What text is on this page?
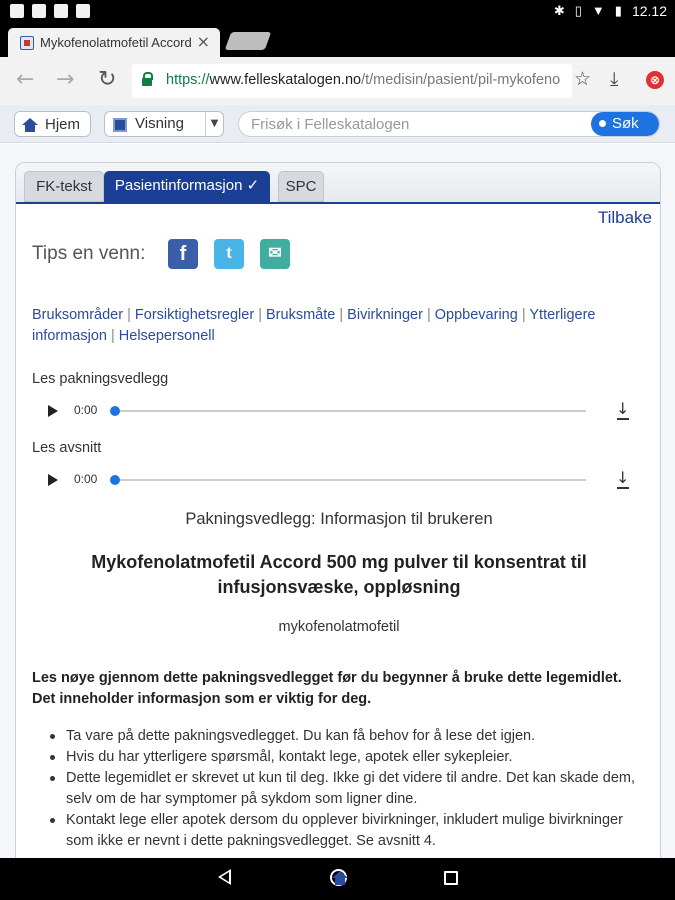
✱ ▯ ▼ ▮ 12.12
Mykofenolatmofetil Accord ×
← → ↻	https://www.felleskatalogen.no/t/medisin/pasient/pil-mykofeno ☆ ⤓	⊗
Hjem	Visning	▼
Frisøk i Felleskatalogen	Søk
FK-tekst	Pasientinformasjon ✓	SPC
Tilbake
Tips en venn:	f	t	✉
Bruksområder | Forsiktighetsregler | Bruksmåte | Bivirkninger | Oppbevaring | Ytterligere informasjon | Helsepersonell
Les pakningsvedlegg
0:00	↓
Les avsnitt
0:00	↓
Pakningsvedlegg: Informasjon til brukeren
Mykofenolatmofetil Accord 500 mg pulver til konsentrat til infusjonsvæske, oppløsning
mykofenolatmofetil
Les nøye gjennom dette pakningsvedlegget før du begynner å bruke dette legemidlet. Det inneholder informasjon som er viktig for deg.
Ta vare på dette pakningsvedlegget. Du kan få behov for å lese det igjen.
Hvis du har ytterligere spørsmål, kontakt lege, apotek eller sykepleier.
Dette legemidlet er skrevet ut kun til deg. Ikke gi det videre til andre. Det kan skade dem, selv om de har symptomer på sykdom som ligner dine.
Kontakt lege eller apotek dersom du opplever bivirkninger, inkludert mulige bivirkninger som ikke er nevnt i dette pakningsvedlegget. Se avsnitt 4.
